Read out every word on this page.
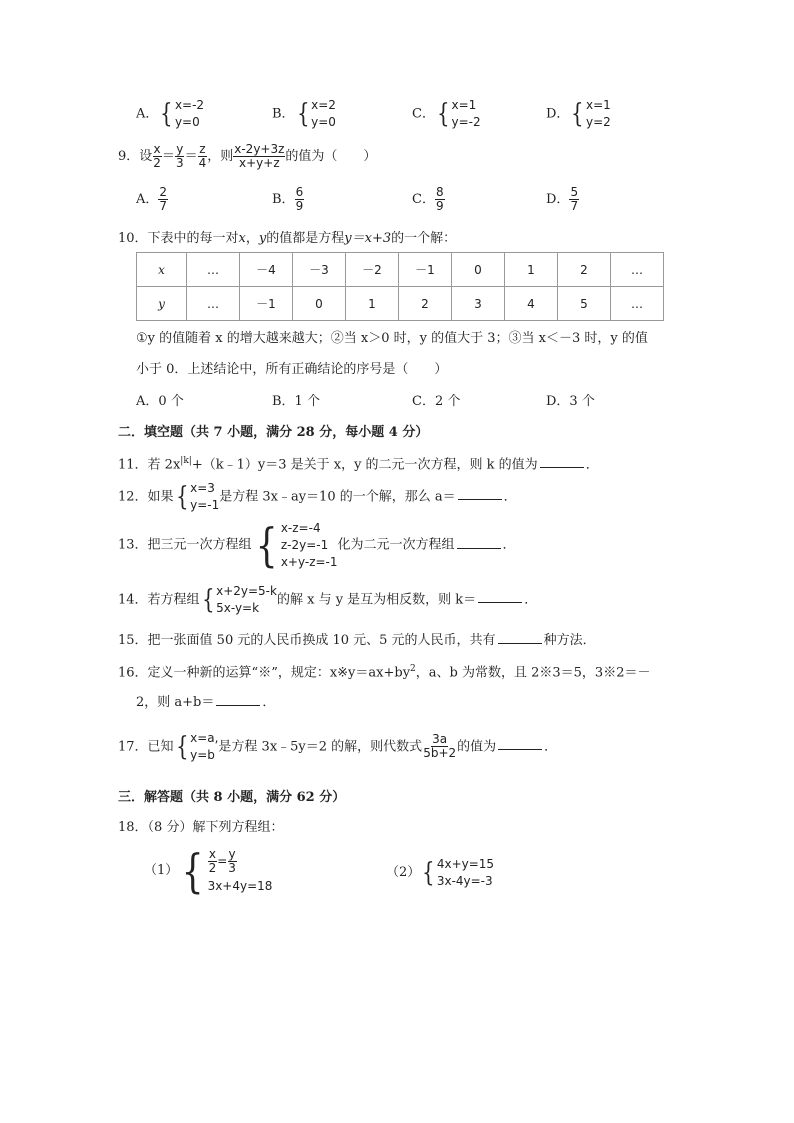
A． { x=-2
y=0
B． { x=2
y=0
C． { x=1
y=-2
D． { x=1
y=2
9．设 $\frac{x}{2} = \frac{y}{3} = \frac{z}{4}$ ，则 $\frac{x-2y+3z}{x+y+z}$ 的值为（　　）
A． $\frac{2}{7}$	B． $\frac{6}{9}$	C． $\frac{8}{9}$	D． $\frac{5}{7}$
10．下表中的每一对x，y的值都是方程y＝x+3的一个解：
x	…	－4	－3	－2	－1	0	1	2	…
y	…	－1	0	1	2	3	4	5	…
①y 的值随着 x 的增大越来越大；②当 x＞0 时，y 的值大于 3；③当 x＜－3 时，y 的值
小于 0．上述结论中，所有正确结论的序号是（　　）
A．0 个	B．1 个	C．2 个	D．3 个
二．填空题（共 7 小题，满分 28 分，每小题 4 分）
11．若 $2x^{|k|}+(k﹣1)y=3$ 是关于 x，y 的二元一次方程，则 k 的值为	．
12．如果 { x=3
y=-1
是方程 3x﹣ay＝10 的一个解，那么 a＝	．
13．把三元一次方程组 { x-z=-4
z-2y=-1
x+y-z=-1
化为二元一次方程组	．
14．若方程组 { x+2y=5-k
5x-y=k
的解 x 与 y 是互为相反数，则 k＝	．
15．把一张面值 50 元的人民币换成 10 元、5 元的人民币，共有	种方法．
16．定义一种新的运算“※”，规定：$x※y=ax+by^2$，a、b 为常数，且 2※3＝5，3※2＝－
2，则 a+b＝	．
17．已知 { x=a,
y=b
是方程 3x﹣5y＝2 的解，则代数式 $\frac{3a}{5b+2}$ 的值为	．
三．解答题（共 8 小题，满分 62 分）
18．（8 分）解下列方程组：
（1） { $\frac{x}{2} = \frac{y}{3}$
3x+4y=18
（2） { 4x+y=15
3x-4y=-3
